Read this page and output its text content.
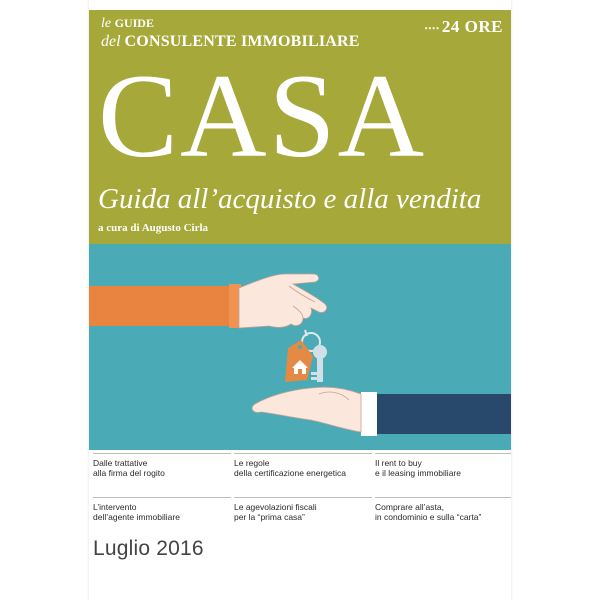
le GUIDE
del CONSULENTE IMMOBILIARE
•••• 24 ORE
CASA
Guida all’acquisto e alla vendita
a cura di Augusto Cirla
Dalle trattative
alla firma del rogito
Le regole
della certificazione energetica
Il rent to buy
e il leasing immobiliare
L’intervento
dell’agente immobiliare
Le agevolazioni fiscali
per la “prima casa”
Comprare all’asta,
in condominio e sulla “carta”
Luglio 2016
